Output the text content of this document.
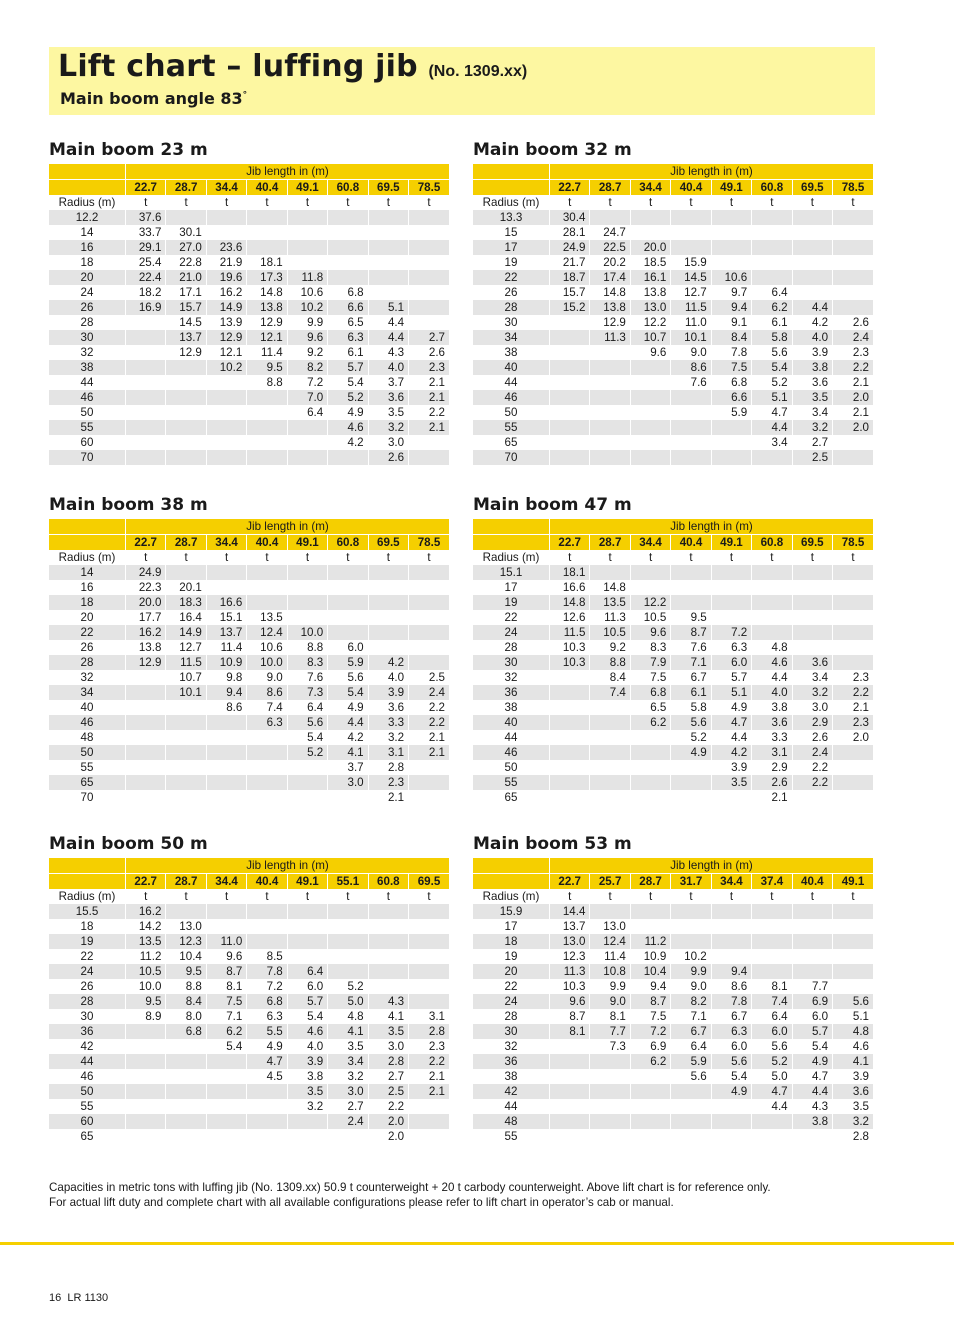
Lift chart – luffing jib (No. 1309.xx)
Main boom angle 83°
Main boom 23 m
	Jib length in (m)							
	22.7	28.7	34.4	40.4	49.1	60.8	69.5	78.5
Radius (m)	t	t	t	t	t	t	t	t
12.2	37.6							
14	33.7	30.1						
16	29.1	27.0	23.6					
18	25.4	22.8	21.9	18.1				
20	22.4	21.0	19.6	17.3	11.8			
24	18.2	17.1	16.2	14.8	10.6	6.8		
26	16.9	15.7	14.9	13.8	10.2	6.6	5.1	
28		14.5	13.9	12.9	9.9	6.5	4.4	
30		13.7	12.9	12.1	9.6	6.3	4.4	2.7
32		12.9	12.1	11.4	9.2	6.1	4.3	2.6
38			10.2	9.5	8.2	5.7	4.0	2.3
44				8.8	7.2	5.4	3.7	2.1
46					7.0	5.2	3.6	2.1
50					6.4	4.9	3.5	2.2
55						4.6	3.2	2.1
60						4.2	3.0	
70							2.6	
Main boom 32 m
	Jib length in (m)							
	22.7	28.7	34.4	40.4	49.1	60.8	69.5	78.5
Radius (m)	t	t	t	t	t	t	t	t
13.3	30.4							
15	28.1	24.7						
17	24.9	22.5	20.0					
19	21.7	20.2	18.5	15.9				
22	18.7	17.4	16.1	14.5	10.6			
26	15.7	14.8	13.8	12.7	9.7	6.4		
28	15.2	13.8	13.0	11.5	9.4	6.2	4.4	
30		12.9	12.2	11.0	9.1	6.1	4.2	2.6
34		11.3	10.7	10.1	8.4	5.8	4.0	2.4
38			9.6	9.0	7.8	5.6	3.9	2.3
40				8.6	7.5	5.4	3.8	2.2
44				7.6	6.8	5.2	3.6	2.1
46					6.6	5.1	3.5	2.0
50					5.9	4.7	3.4	2.1
55						4.4	3.2	2.0
65						3.4	2.7	
70							2.5	
Main boom 38 m
	Jib length in (m)							
	22.7	28.7	34.4	40.4	49.1	60.8	69.5	78.5
Radius (m)	t	t	t	t	t	t	t	t
14	24.9							
16	22.3	20.1						
18	20.0	18.3	16.6					
20	17.7	16.4	15.1	13.5				
22	16.2	14.9	13.7	12.4	10.0			
26	13.8	12.7	11.4	10.6	8.8	6.0		
28	12.9	11.5	10.9	10.0	8.3	5.9	4.2	
32		10.7	9.8	9.0	7.6	5.6	4.0	2.5
34		10.1	9.4	8.6	7.3	5.4	3.9	2.4
40			8.6	7.4	6.4	4.9	3.6	2.2
46				6.3	5.6	4.4	3.3	2.2
48					5.4	4.2	3.2	2.1
50					5.2	4.1	3.1	2.1
55						3.7	2.8	
65						3.0	2.3	
70							2.1	
Main boom 47 m
	Jib length in (m)							
	22.7	28.7	34.4	40.4	49.1	60.8	69.5	78.5
Radius (m)	t	t	t	t	t	t	t	t
15.1	18.1							
17	16.6	14.8						
19	14.8	13.5	12.2					
22	12.6	11.3	10.5	9.5				
24	11.5	10.5	9.6	8.7	7.2			
28	10.3	9.2	8.3	7.6	6.3	4.8		
30	10.3	8.8	7.9	7.1	6.0	4.6	3.6	
32		8.4	7.5	6.7	5.7	4.4	3.4	2.3
36		7.4	6.8	6.1	5.1	4.0	3.2	2.2
38			6.5	5.8	4.9	3.8	3.0	2.1
40			6.2	5.6	4.7	3.6	2.9	2.3
44				5.2	4.4	3.3	2.6	2.0
46				4.9	4.2	3.1	2.4	
50					3.9	2.9	2.2	
55					3.5	2.6	2.2	
65						2.1		
Main boom 50 m
	Jib length in (m)							
	22.7	28.7	34.4	40.4	49.1	55.1	60.8	69.5
Radius (m)	t	t	t	t	t	t	t	t
15.5	16.2							
18	14.2	13.0						
19	13.5	12.3	11.0					
22	11.2	10.4	9.6	8.5				
24	10.5	9.5	8.7	7.8	6.4			
26	10.0	8.8	8.1	7.2	6.0	5.2		
28	9.5	8.4	7.5	6.8	5.7	5.0	4.3	
30	8.9	8.0	7.1	6.3	5.4	4.8	4.1	3.1
36		6.8	6.2	5.5	4.6	4.1	3.5	2.8
42			5.4	4.9	4.0	3.5	3.0	2.3
44				4.7	3.9	3.4	2.8	2.2
46				4.5	3.8	3.2	2.7	2.1
50					3.5	3.0	2.5	2.1
55					3.2	2.7	2.2	
60						2.4	2.0	
65							2.0	
Main boom 53 m
	Jib length in (m)							
	22.7	25.7	28.7	31.7	34.4	37.4	40.4	49.1
Radius (m)	t	t	t	t	t	t	t	t
15.9	14.4							
17	13.7	13.0						
18	13.0	12.4	11.2					
19	12.3	11.4	10.9	10.2				
20	11.3	10.8	10.4	9.9	9.4			
22	10.3	9.9	9.4	9.0	8.6	8.1	7.7	
24	9.6	9.0	8.7	8.2	7.8	7.4	6.9	5.6
28	8.7	8.1	7.5	7.1	6.7	6.4	6.0	5.1
30	8.1	7.7	7.2	6.7	6.3	6.0	5.7	4.8
32		7.3	6.9	6.4	6.0	5.6	5.4	4.6
36			6.2	5.9	5.6	5.2	4.9	4.1
38				5.6	5.4	5.0	4.7	3.9
42					4.9	4.7	4.4	3.6
44						4.4	4.3	3.5
48							3.8	3.2
55								2.8
Capacities in metric tons with luffing jib (No. 1309.xx) 50.9 t counterweight + 20 t carbody counterweight. Above lift chart is for reference only.
For actual lift duty and complete chart with all available configurations please refer to lift chart in operator’s cab or manual.
16 LR 1130
